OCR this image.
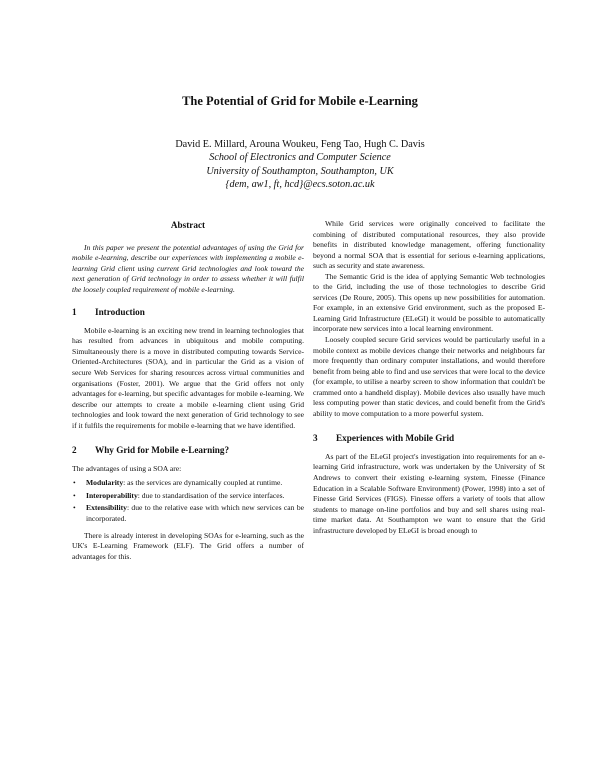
The Potential of Grid for Mobile e-Learning
David E. Millard, Arouna Woukeu, Feng Tao, Hugh C. Davis
School of Electronics and Computer Science
University of Southampton, Southampton, UK
{dem, aw1, ft, hcd}@ecs.soton.ac.uk
Abstract

In this paper we present the potential advantages of using the Grid for mobile e-learning, describe our experiences with implementing a mobile e-learning Grid client using current Grid technologies and look toward the next generation of Grid technology in order to assess whether it will fulfil the loosely coupled requirement of mobile e-learning.

1 Introduction

Mobile e-learning is an exciting new trend in learning technologies that has resulted from advances in ubiquitous and mobile computing. Simultaneously there is a move in distributed computing towards Service-Oriented-Architectures (SOA), and in particular the Grid as a vision of secure Web Services for sharing resources across virtual communities and organisations (Foster, 2001). We argue that the Grid offers not only advantages for e-learning, but specific advantages for mobile e-learning. We describe our attempts to create a mobile e-learning client using Grid technologies and look toward the next generation of Grid technology to see if it fulfils the requirements for mobile e-learning that we have identified.

2 Why Grid for Mobile e-Learning?

The advantages of using a SOA are:

• Modularity: as the services are dynamically coupled at runtime.
• Interoperability: due to standardisation of the service interfaces.
• Extensibility: due to the relative ease with which new services can be incorporated.

There is already interest in developing SOAs for e-learning, such as the UK's E-Learning Framework (ELF). The Grid offers a number of advantages for this.

While Grid services were originally conceived to facilitate the combining of distributed computational resources, they also provide benefits in distributed knowledge management, offering functionality beyond a normal SOA that is essential for serious e-learning applications, such as security and state awareness.

The Semantic Grid is the idea of applying Semantic Web technologies to the Grid, including the use of those technologies to describe Grid services (De Roure, 2005). This opens up new possibilities for automation. For example, in an extensive Grid environment, such as the proposed E-Learning Grid Infrastructure (ELeGI) it would be possible to automatically incorporate new services into a local learning environment.

Loosely coupled secure Grid services would be particularly useful in a mobile context as mobile devices change their networks and neighbours far more frequently than ordinary computer installations, and would therefore benefit from being able to find and use services that were local to the device (for example, to utilise a nearby screen to show information that couldn't be crammed onto a handheld display). Mobile devices also usually have much less computing power than static devices, and could benefit from the Grid's ability to move computation to a more powerful system.

3 Experiences with Mobile Grid

As part of the ELeGI project's investigation into requirements for an e-learning Grid infrastructure, work was undertaken by the University of St Andrews to convert their existing e-learning system, Finesse (Finance Education in a Scalable Software Environment) (Power, 1998) into a set of Finesse Grid Services (FIGS). Finesse offers a variety of tools that allow students to manage on-line portfolios and buy and sell shares using real-time market data. At Southampton we want to ensure that the Grid infrastructure developed by ELeGI is broad enough to
